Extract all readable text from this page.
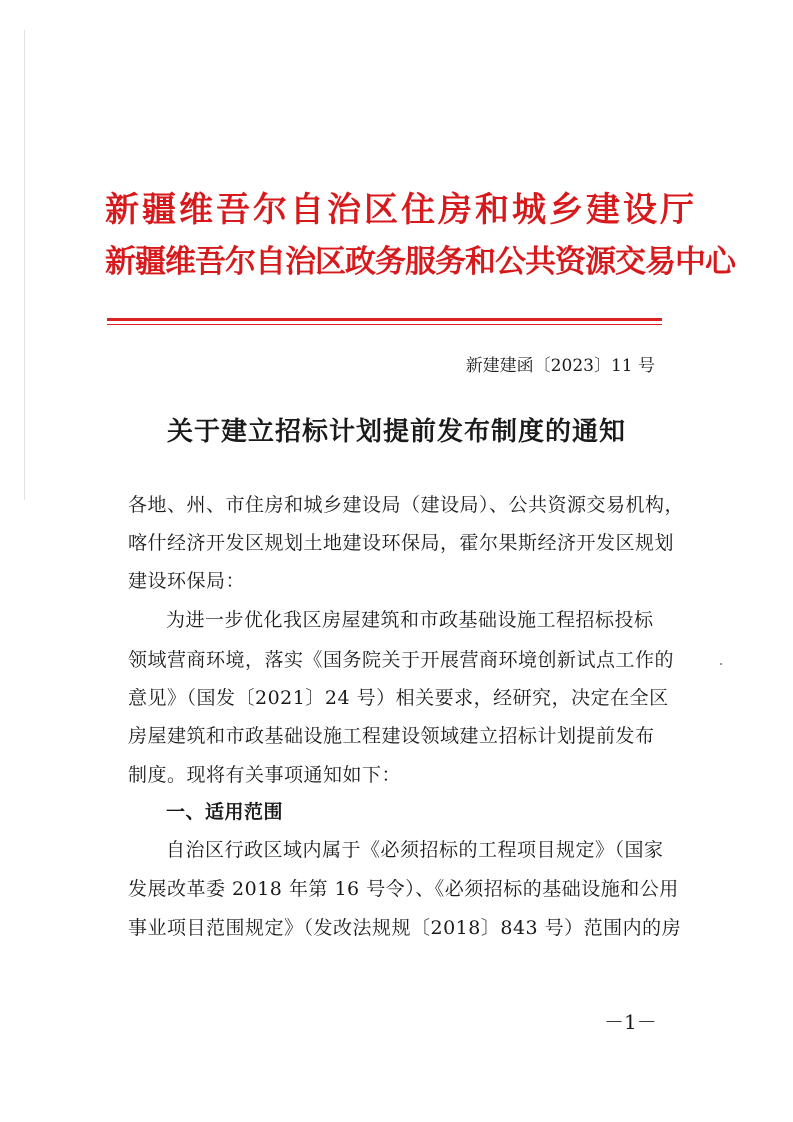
新疆维吾尔自治区住房和城乡建设厅
新疆维吾尔自治区政务服务和公共资源交易中心
新建建函〔2023〕11 号
关于建立招标计划提前发布制度的通知
各地、州、市住房和城乡建设局（建设局）、公共资源交易机构，
喀什经济开发区规划土地建设环保局，霍尔果斯经济开发区规划
建设环保局：
为进一步优化我区房屋建筑和市政基础设施工程招标投标
领域营商环境，落实《国务院关于开展营商环境创新试点工作的
意见》（国发〔2021〕24 号）相关要求，经研究，决定在全区
房屋建筑和市政基础设施工程建设领域建立招标计划提前发布
制度。现将有关事项通知如下：
一、适用范围
自治区行政区域内属于《必须招标的工程项目规定》（国家
发展改革委 2018 年第 16 号令）、《必须招标的基础设施和公用
事业项目范围规定》（发改法规规〔2018〕843 号）范围内的房
－1－
